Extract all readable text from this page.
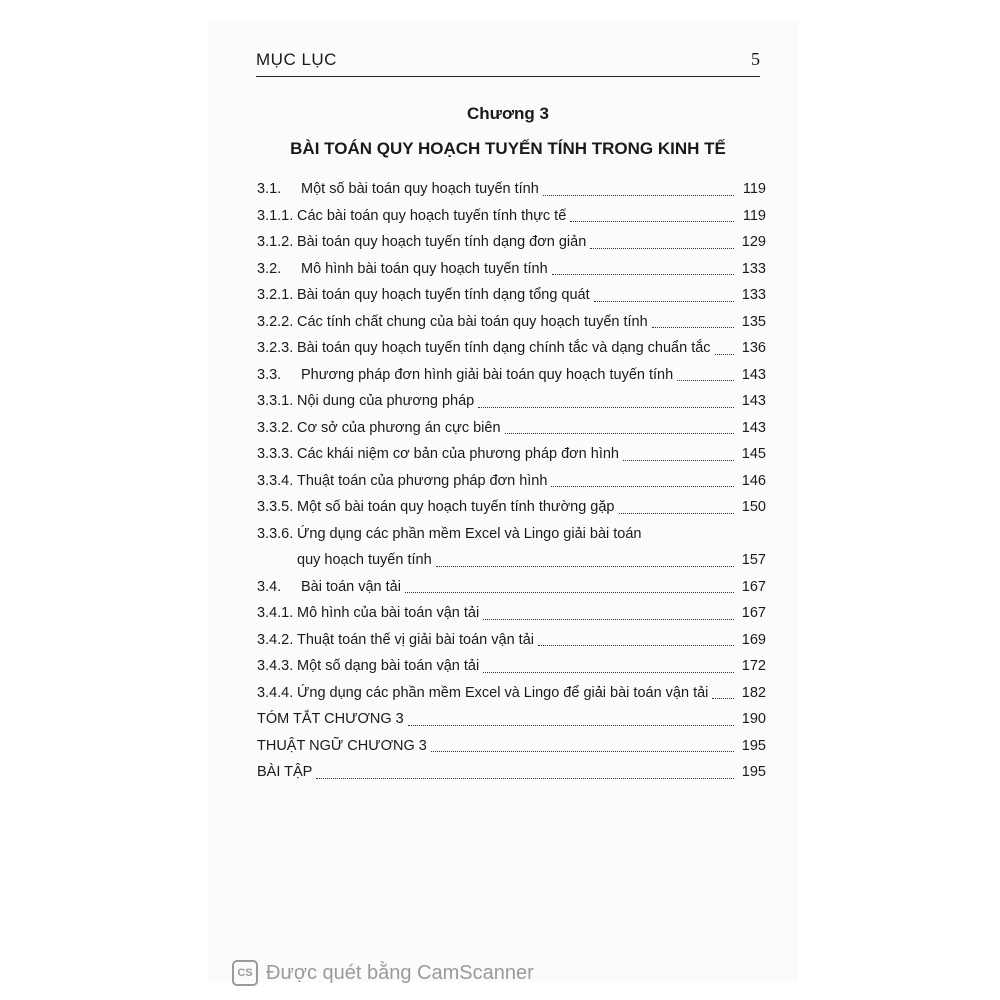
MỤC LỤC	5
Chương 3
BÀI TOÁN QUY HOẠCH TUYẾN TÍNH TRONG KINH TẾ
3.1.	Một số bài toán quy hoạch tuyến tính	119
3.1.1. Các bài toán quy hoạch tuyến tính thực tế	119
3.1.2. Bài toán quy hoạch tuyến tính dạng đơn giản	129
3.2.	Mô hình bài toán quy hoạch tuyến tính	133
3.2.1. Bài toán quy hoạch tuyến tính dạng tổng quát	133
3.2.2. Các tính chất chung của bài toán quy hoạch tuyến tính	135
3.2.3. Bài toán quy hoạch tuyến tính dạng chính tắc và dạng chuẩn tắc 136
3.3.	Phương pháp đơn hình giải bài toán quy hoạch tuyến tính	143
3.3.1. Nội dung của phương pháp	143
3.3.2. Cơ sở của phương án cực biên	143
3.3.3. Các khái niệm cơ bản của phương pháp đơn hình	145
3.3.4. Thuật toán của phương pháp đơn hình	146
3.3.5. Một số bài toán quy hoạch tuyến tính thường gặp	150
3.3.6. Ứng dụng các phần mềm Excel và Lingo giải bài toán
quy hoạch tuyến tính	157
3.4.	Bài toán vận tải	167
3.4.1. Mô hình của bài toán vận tải	167
3.4.2. Thuật toán thế vị giải bài toán vận tải	169
3.4.3. Một số dạng bài toán vận tải	172
3.4.4. Ứng dụng các phần mềm Excel và Lingo để giải bài toán vận tải 182
TÓM TẮT CHƯƠNG 3	190
THUẬT NGỮ CHƯƠNG 3	195
BÀI TẬP	195
CS Được quét bằng CamScanner
